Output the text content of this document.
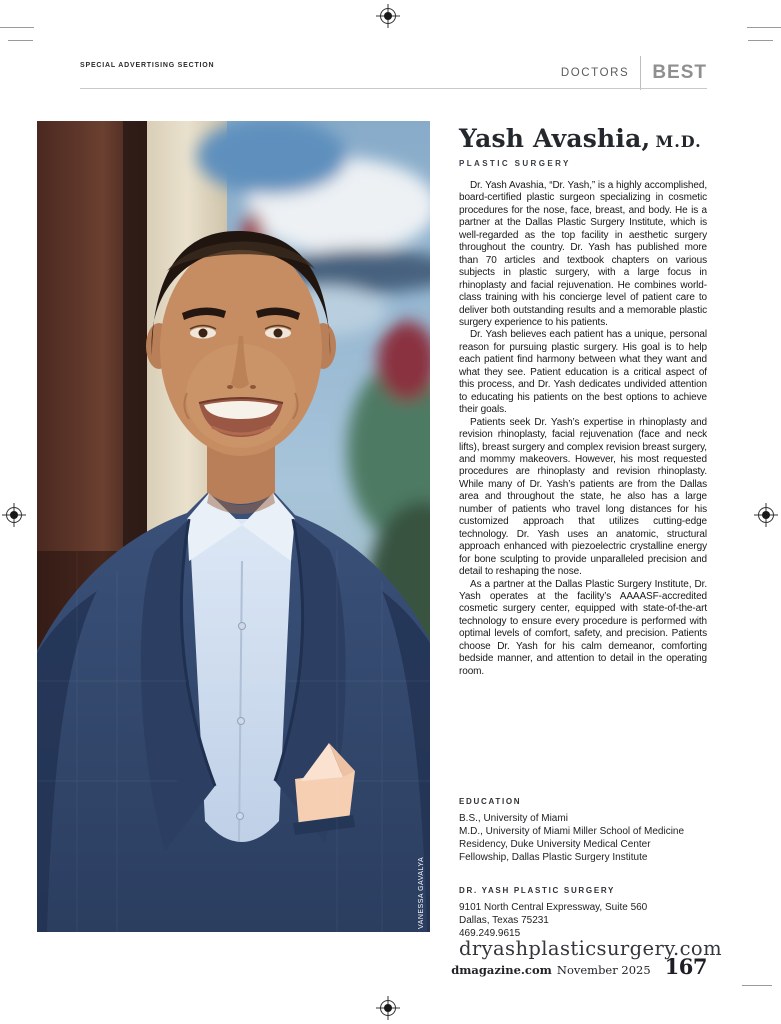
SPECIAL ADVERTISING SECTION
DOCTORS BEST
VANESSA GAVALYA
Yash Avashia, M.D.
PLASTIC SURGERY

Dr. Yash Avashia, “Dr. Yash,” is a highly accomplished, board-certified plastic surgeon specializing in cosmetic procedures for the nose, face, breast, and body. He is a partner at the Dallas Plastic Surgery Institute, which is well-regarded as the top facility in aesthetic surgery throughout the country. Dr. Yash has published more than 70 articles and textbook chapters on various subjects in plastic surgery, with a large focus in rhinoplasty and facial rejuvenation. He combines world-class training with his concierge level of patient care to deliver both outstanding results and a memorable plastic surgery experience to his patients.

Dr. Yash believes each patient has a unique, personal reason for pursuing plastic surgery. His goal is to help each patient find harmony between what they want and what they see. Patient education is a critical aspect of this process, and Dr. Yash dedicates undivided attention to educating his patients on the best options to achieve their goals.

Patients seek Dr. Yash’s expertise in rhinoplasty and revision rhinoplasty, facial rejuvenation (face and neck lifts), breast surgery and complex revision breast surgery, and mommy makeovers. However, his most requested procedures are rhinoplasty and revision rhinoplasty. While many of Dr. Yash’s patients are from the Dallas area and throughout the state, he also has a large number of patients who travel long distances for his customized approach that utilizes cutting-edge technology. Dr. Yash uses an anatomic, structural approach enhanced with piezoelectric crystalline energy for bone sculpting to provide unparalleled precision and detail to reshaping the nose.

As a partner at the Dallas Plastic Surgery Institute, Dr. Yash operates at the facility’s AAAASF-accredited cosmetic surgery center, equipped with state-of-the-art technology to ensure every procedure is performed with optimal levels of comfort, safety, and precision. Patients choose Dr. Yash for his calm demeanor, comforting bedside manner, and attention to detail in the operating room.

EDUCATION
B.S., University of Miami
M.D., University of Miami Miller School of Medicine
Residency, Duke University Medical Center
Fellowship, Dallas Plastic Surgery Institute
DR. YASH PLASTIC SURGERY
9101 North Central Expressway, Suite 560
Dallas, Texas 75231
469.249.9615
dryashplasticsurgery.com
dmagazine.com November 2025 167
